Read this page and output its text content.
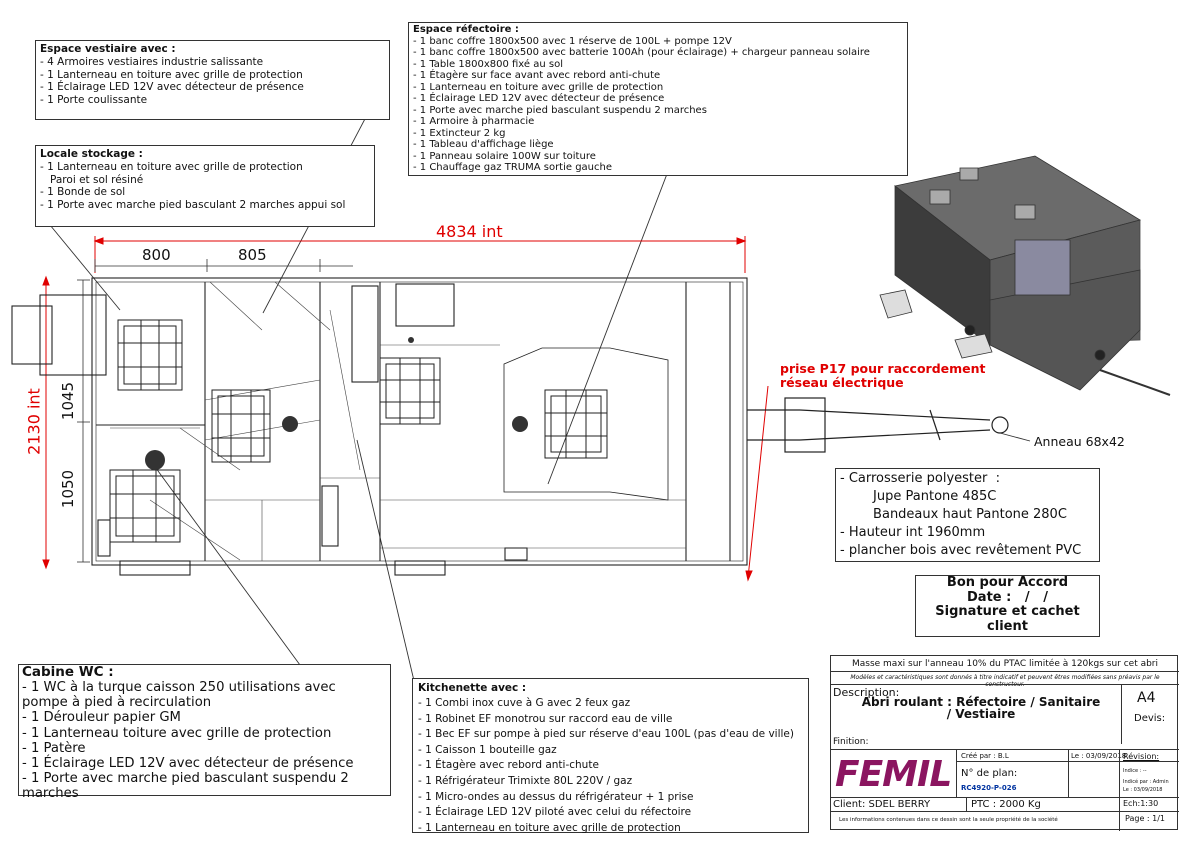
Espace vestiaire avec :
- 4 Armoires vestiaires industrie salissante
- 1 Lanterneau en toiture avec grille de protection
- 1 Éclairage LED 12V avec détecteur de présence
- 1 Porte coulissante
Locale stockage :
- 1 Lanterneau en toiture avec grille de protection
Paroi et sol résiné
- 1 Bonde de sol
- 1 Porte avec marche pied basculant 2 marches appui sol
Espace réfectoire :
- 1 banc coffre 1800x500 avec 1 réserve de 100L + pompe 12V
- 1 banc coffre 1800x500 avec batterie 100Ah (pour éclairage) + chargeur panneau solaire
- 1 Table 1800x800 fixé au sol
- 1 Étagère sur face avant avec rebord anti-chute
- 1 Lanterneau en toiture avec grille de protection
- 1 Éclairage LED 12V avec détecteur de présence
- 1 Porte avec marche pied basculant suspendu 2 marches
- 1 Armoire à pharmacie
- 1 Extincteur 2 kg
- 1 Tableau d'affichage liège
- 1 Panneau solaire 100W sur toiture
- 1 Chauffage gaz TRUMA sortie gauche
Cabine WC :
- 1 WC à la turque caisson 250 utilisations avec
pompe à pied à recirculation
- 1 Dérouleur papier GM
- 1 Lanterneau toiture avec grille de protection
- 1 Patère
- 1 Éclairage LED 12V avec détecteur de présence
- 1 Porte avec marche pied basculant suspendu 2
marches
Kitchenette avec :
- 1 Combi inox cuve à G avec 2 feux gaz
- 1 Robinet EF monotrou sur raccord eau de ville
- 1 Bec EF sur pompe à pied sur réserve d'eau 100L (pas d'eau de ville)
- 1 Caisson 1 bouteille gaz
- 1 Étagère avec rebord anti-chute
- 1 Réfrigérateur Trimixte 80L 220V / gaz
- 1 Micro-ondes au dessus du réfrigérateur + 1 prise
- 1 Éclairage LED 12V piloté avec celui du réfectoire
- 1 Lanterneau en toiture avec grille de protection
4834 int
800	805
2130 int 1045
1050
prise P17 pour raccordement
réseau électrique
Anneau 68x42
- Carrosserie polyester  :
Jupe Pantone 485C
Bandeaux haut Pantone 280C
- Hauteur int 1960mm
- plancher bois avec revêtement PVC
Bon pour Accord
Date :   /   /
Signature et cachet client
Masse maxi sur l'anneau 10% du PTAC limitée à 120kgs sur cet abri
Modèles et caractéristiques sont donnés à titre indicatif et peuvent êtres modifiées sans préavis par le constructeur.
Description:
Abri roulant : Réfectoire / Sanitaire / Vestiaire
A4
Devis:
Finition:
FEMIL Créé par : B.L	Le : 03/09/2018
Révision:
Indice : --
Indicé par : Admin
Le : 03/09/2018
N° de plan:
RC4920-P-026
Client: SDEL BERRY	PTC : 2000 Kg	Ech:1:30
Les informations contenues dans ce dessin sont la seule propriété de la société	Page : 1/1
